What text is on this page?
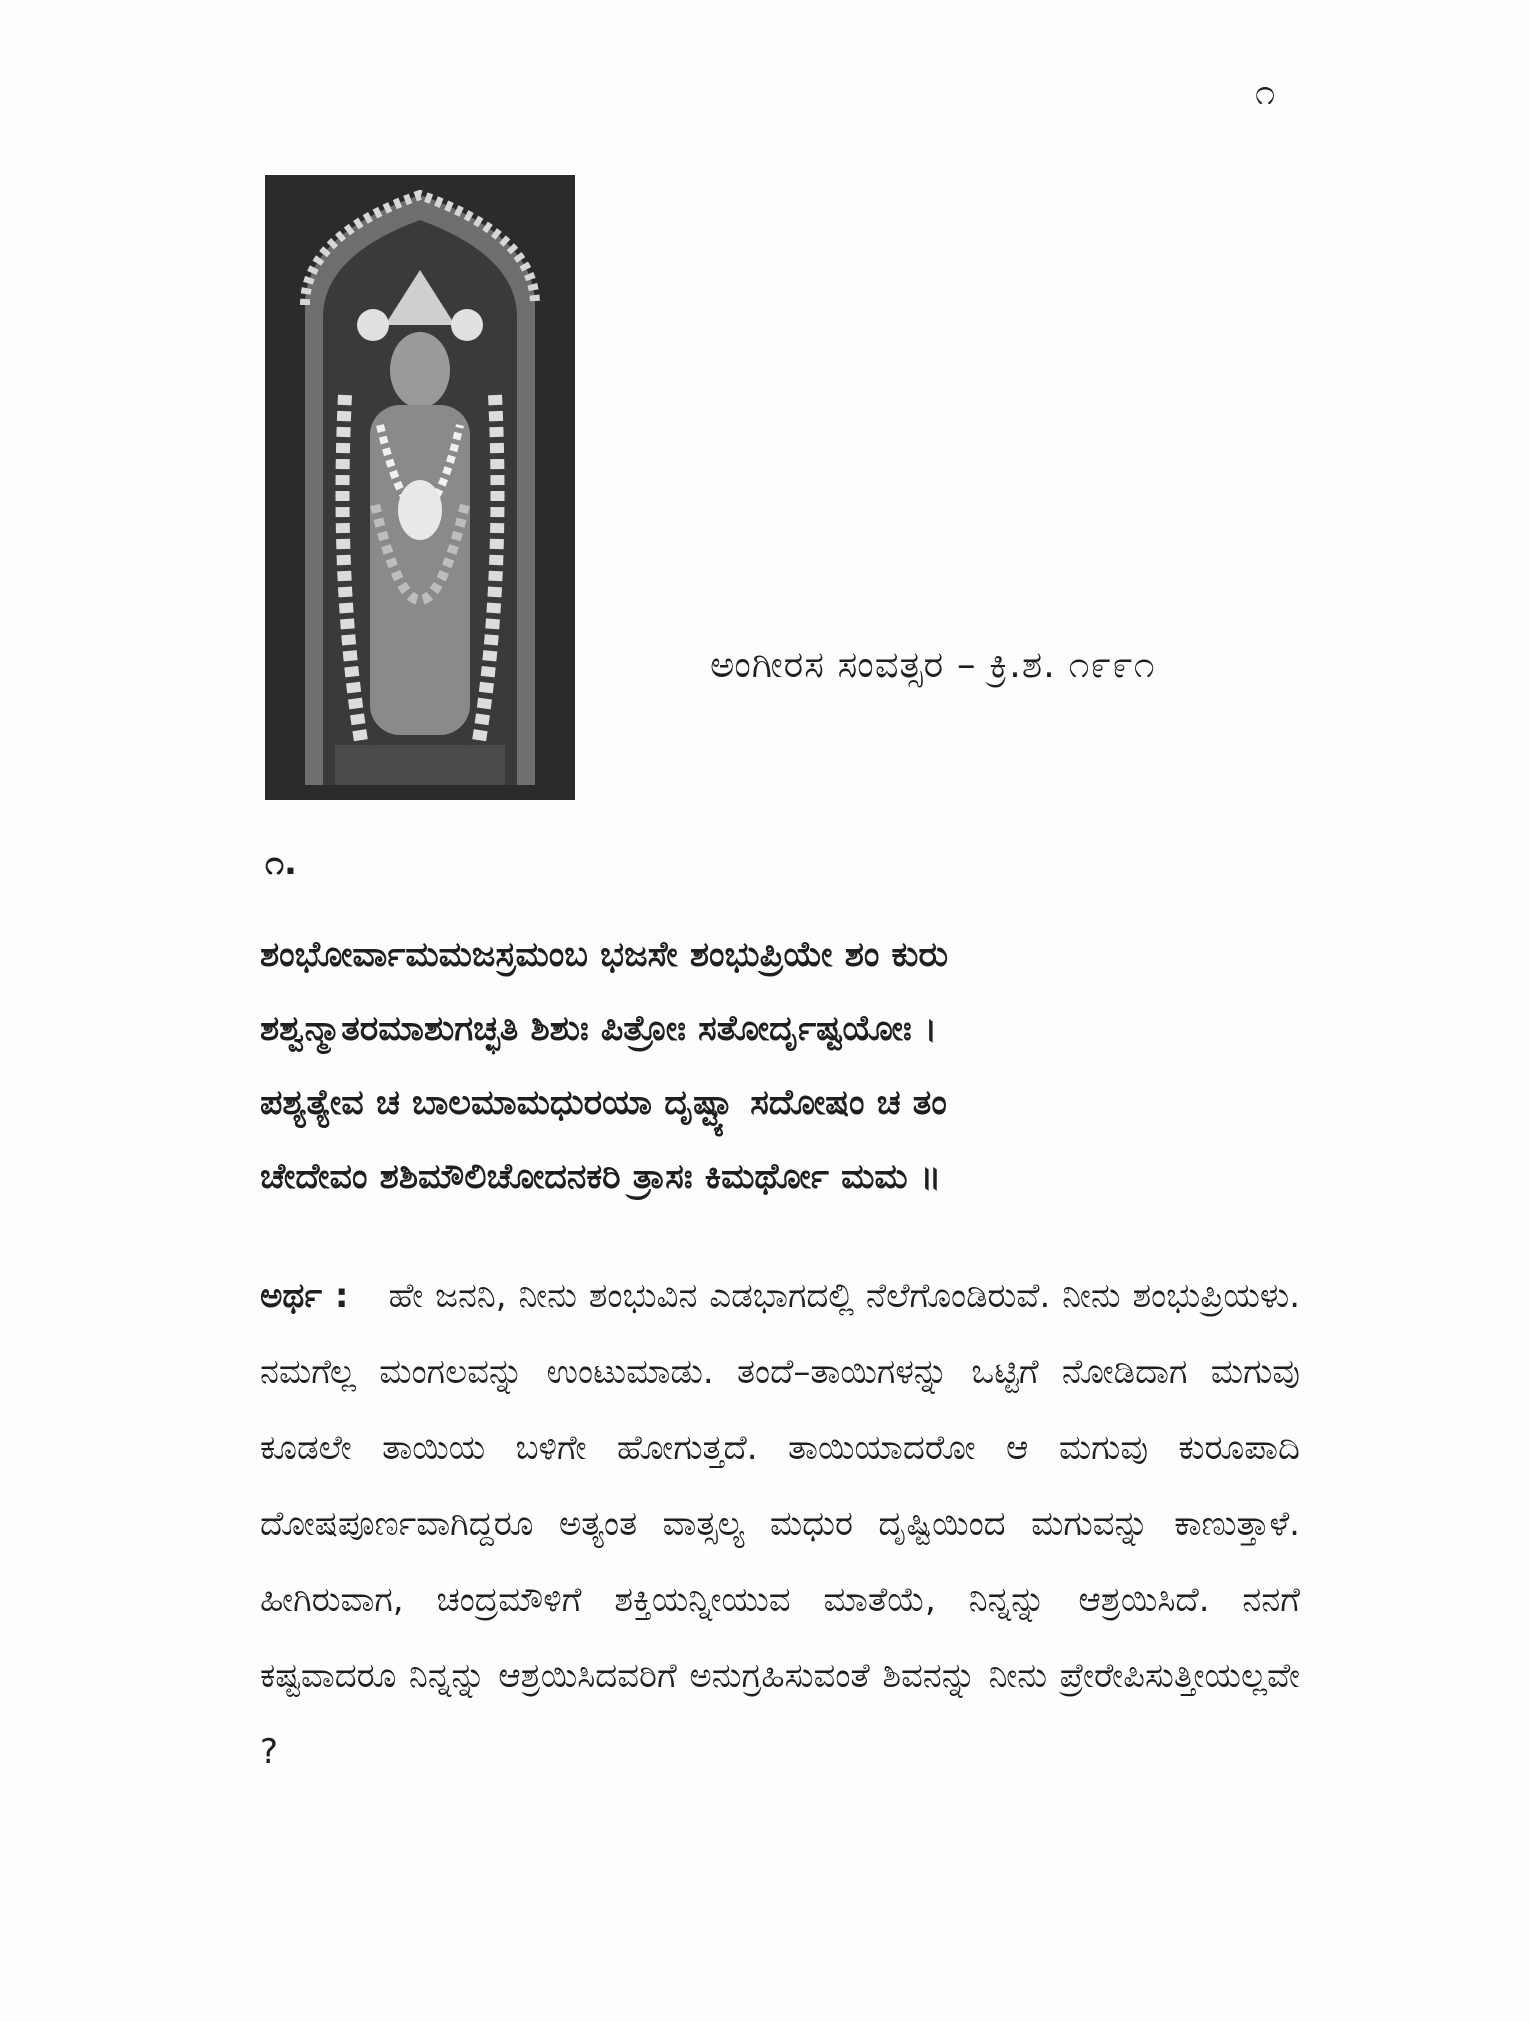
೧
ಅಂಗೀರಸ ಸಂವತ್ಸರ – ಕ್ರಿ.ಶ. ೧೯೯೧
೧.
ಶಂಭೋರ್ವಾಮಮಜಸ್ರಮಂಬ ಭಜಸೇ ಶಂಭುಪ್ರಿಯೇ ಶಂ ಕುರು
ಶಶ್ವನ್ಮಾತರಮಾಶುಗಚ್ಛತಿ ಶಿಶುಃ ಪಿತ್ರೋಃ ಸತೋರ್ದೃಷ್ಟಯೋಃ ।
ಪಶ್ಯತ್ಯೇವ ಚ ಬಾಲಮಾಮಧುರಯಾ ದೃಷ್ಟ್ಯಾ ಸದೋಷಂ ಚ ತಂ
ಚೇದೇವಂ ಶಶಿಮೌಲಿಚೋದನಕರಿ ತ್ರಾಸಃ ಕಿಮರ್ಥೋ ಮಮ ॥
ಅರ್ಥ : ಹೇ ಜನನಿ, ನೀನು ಶಂಭುವಿನ ಎಡಭಾಗದಲ್ಲಿ ನೆಲೆಗೊಂಡಿರುವೆ. ನೀನು ಶಂಭುಪ್ರಿಯಳು. ನಮಗೆಲ್ಲ ಮಂಗಲವನ್ನು ಉಂಟುಮಾಡು. ತಂದೆ–ತಾಯಿಗಳನ್ನು ಒಟ್ಟಿಗೆ ನೋಡಿದಾಗ ಮಗುವು ಕೂಡಲೇ ತಾಯಿಯ ಬಳಿಗೇ ಹೋಗುತ್ತದೆ. ತಾಯಿಯಾದರೋ ಆ ಮಗುವು ಕುರೂಪಾದಿ ದೋಷಪೂರ್ಣವಾಗಿದ್ದರೂ ಅತ್ಯಂತ ವಾತ್ಸಲ್ಯ ಮಧುರ ದೃಷ್ಟಿಯಿಂದ ಮಗುವನ್ನು ಕಾಣುತ್ತಾಳೆ. ಹೀಗಿರುವಾಗ, ಚಂದ್ರಮೌಳಿಗೆ ಶಕ್ತಿಯನ್ನೀಯುವ ಮಾತೆಯೆ, ನಿನ್ನನ್ನು ಆಶ್ರಯಿಸಿದೆ. ನನಗೆ ಕಷ್ಟವಾದರೂ ನಿನ್ನನ್ನು ಆಶ್ರಯಿಸಿದವರಿಗೆ ಅನುಗ್ರಹಿಸುವಂತೆ ಶಿವನನ್ನು ನೀನು ಪ್ರೇರೇಪಿಸುತ್ತೀಯಲ್ಲವೇ ?
